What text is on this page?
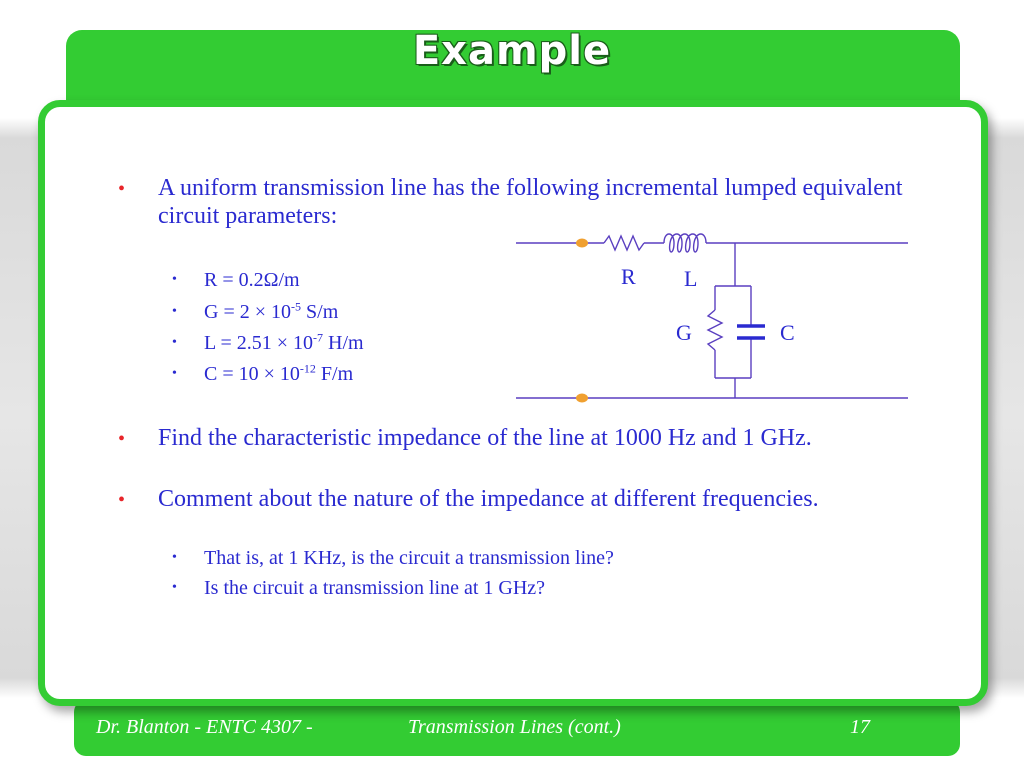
Example
• A uniform transmission line has the following incremental lumped equivalent circuit parameters:
• R = 0.2Ω/m
• $G = 2 \times 10^{-5}$ S/m
• $L = 2.51 \times 10^{-7}$ H/m
• $C = 10 \times 10^{-12}$ F/m
• Find the characteristic impedance of the line at 1000 Hz and 1 GHz.
• Comment about the nature of the impedance at different frequencies.
• That is, at 1 KHz, is the circuit a transmission line?
• Is the circuit a transmission line at 1 GHz?
R L
G	C
Dr. Blanton - ENTC 4307 -	Transmission Lines (cont.)	17
